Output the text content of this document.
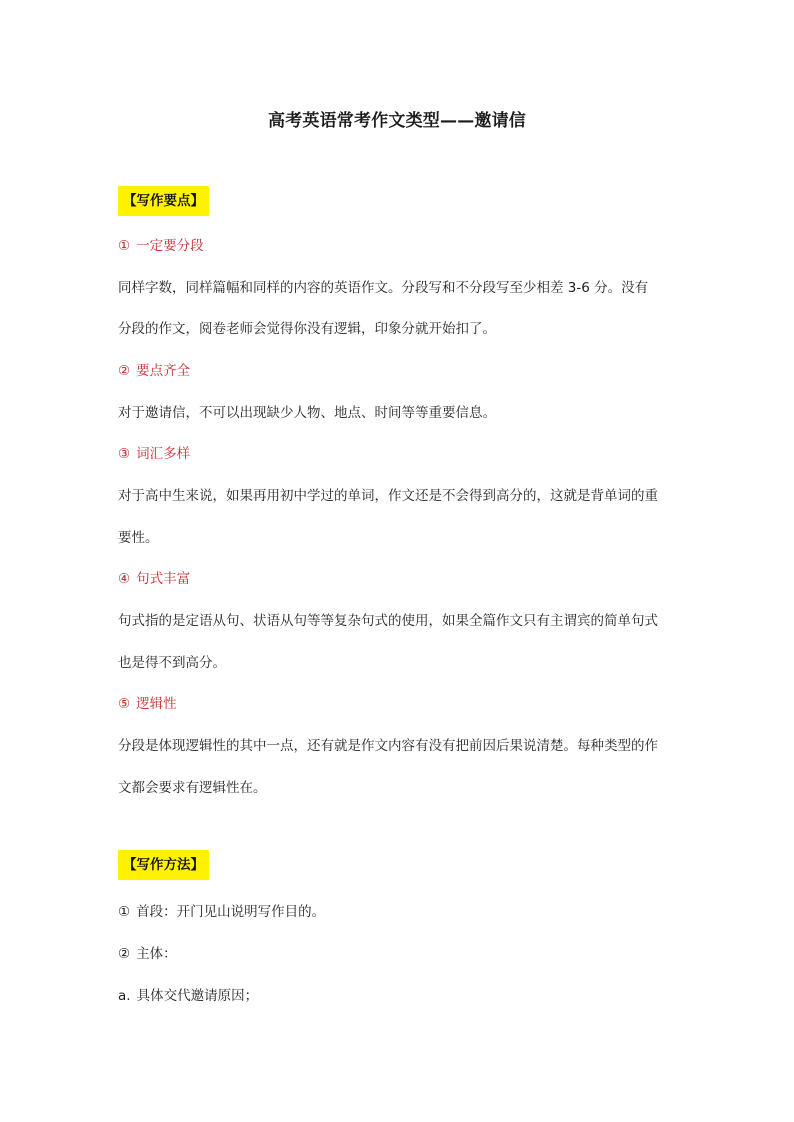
高考英语常考作文类型——邀请信
【写作要点】
① 一定要分段
同样字数，同样篇幅和同样的内容的英语作文。分段写和不分段写至少相差 3-6 分。没有
分段的作文，阅卷老师会觉得你没有逻辑，印象分就开始扣了。
② 要点齐全
对于邀请信，不可以出现缺少人物、地点、时间等等重要信息。
③ 词汇多样
对于高中生来说，如果再用初中学过的单词，作文还是不会得到高分的，这就是背单词的重
要性。
④ 句式丰富
句式指的是定语从句、状语从句等等复杂句式的使用，如果全篇作文只有主谓宾的简单句式
也是得不到高分。
⑤ 逻辑性
分段是体现逻辑性的其中一点，还有就是作文内容有没有把前因后果说清楚。每种类型的作
文都会要求有逻辑性在。
【写作方法】
① 首段：开门见山说明写作目的。
② 主体：
a. 具体交代邀请原因；
